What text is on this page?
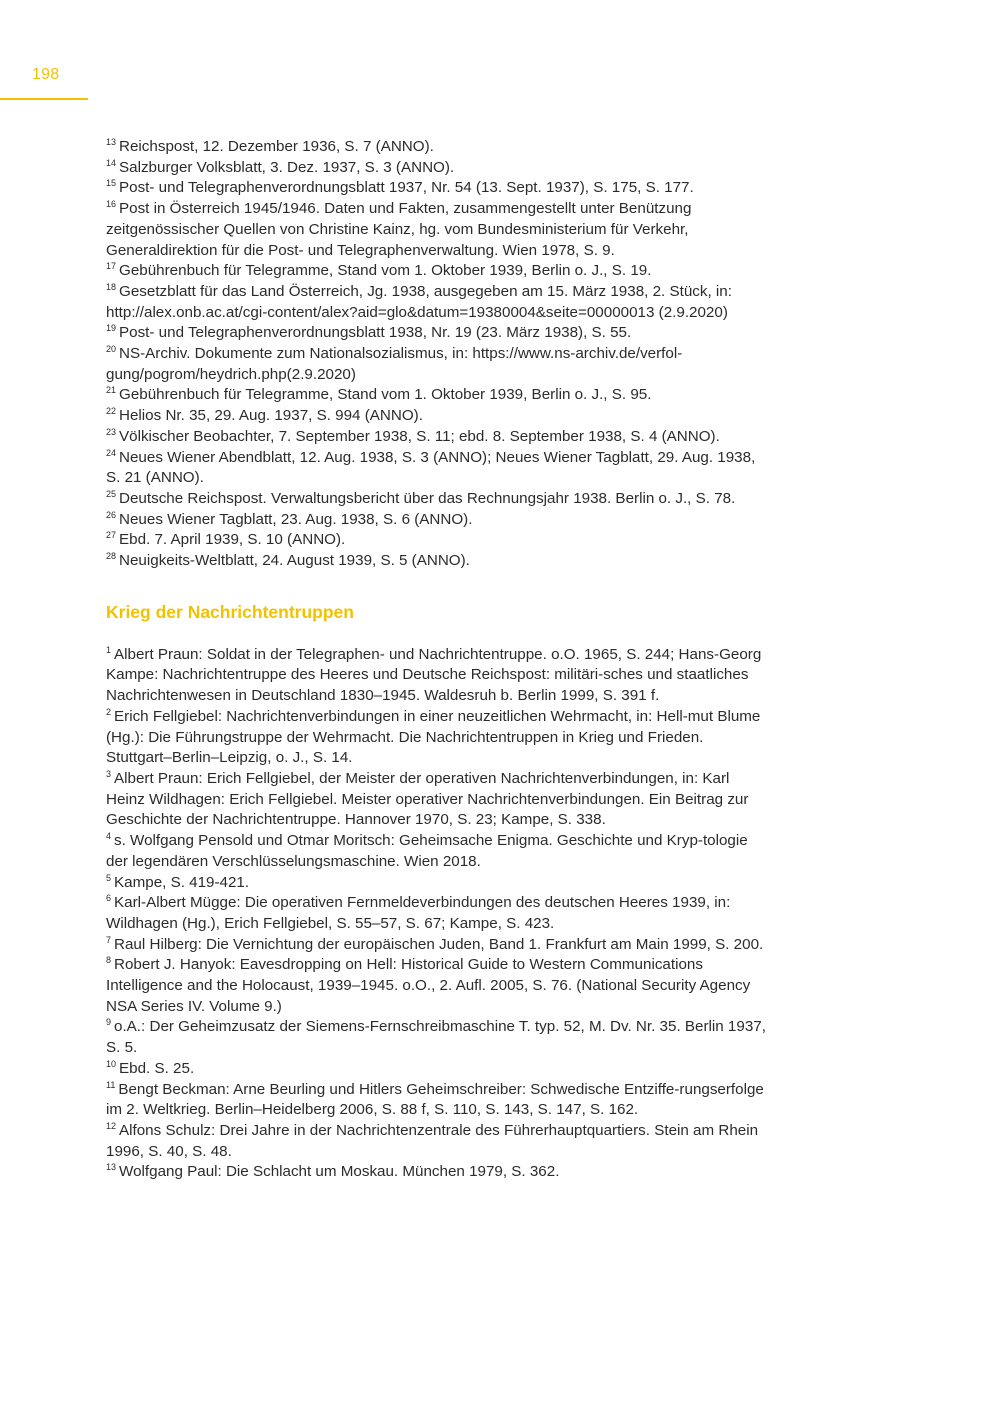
198

$^{13}$ Reichspost, 12. Dezember 1936, S. 7 (ANNO).

$^{14}$ Salzburger Volksblatt, 3. Dez. 1937, S. 3 (ANNO).

$^{15}$ Post- und Telegraphenverordnungsblatt 1937, Nr. 54 (13. Sept. 1937), S. 175, S. 177.

$^{16}$ Post in Österreich 1945/1946. Daten und Fakten, zusammengestellt unter Benützung zeitgenössischer Quellen von Christine Kainz, hg. vom Bundesministerium für Verkehr, Generaldirektion für die Post- und Telegraphenverwaltung. Wien 1978, S. 9.

$^{17}$ Gebührenbuch für Telegramme, Stand vom 1. Oktober 1939, Berlin o. J., S. 19.

$^{18}$ Gesetzblatt für das Land Österreich, Jg. 1938, ausgegeben am 15. März 1938, 2. Stück, in: http://alex.onb.ac.at/cgi-content/alex?aid=glo&datum=19380004&seite=00000013 (2.9.2020)

$^{19}$ Post- und Telegraphenverordnungsblatt 1938, Nr. 19 (23. März 1938), S. 55.

$^{20}$ NS-Archiv. Dokumente zum Nationalsozialismus, in: https://www.ns-archiv.de/verfol-gung/pogrom/heydrich.php(2.9.2020)

$^{21}$ Gebührenbuch für Telegramme, Stand vom 1. Oktober 1939, Berlin o. J., S. 95.

$^{22}$ Helios Nr. 35, 29. Aug. 1937, S. 994 (ANNO).

$^{23}$ Völkischer Beobachter, 7. September 1938, S. 11; ebd. 8. September 1938, S. 4 (ANNO).

$^{24}$ Neues Wiener Abendblatt, 12. Aug. 1938, S. 3 (ANNO); Neues Wiener Tagblatt, 29. Aug. 1938, S. 21 (ANNO).

$^{25}$ Deutsche Reichspost. Verwaltungsbericht über das Rechnungsjahr 1938. Berlin o. J., S. 78.

$^{26}$ Neues Wiener Tagblatt, 23. Aug. 1938, S. 6 (ANNO).

$^{27}$ Ebd. 7. April 1939, S. 10 (ANNO).

$^{28}$ Neuigkeits-Weltblatt, 24. August 1939, S. 5 (ANNO).

Krieg der Nachrichtentruppen

$^1$ Albert Praun: Soldat in der Telegraphen- und Nachrichtentruppe. o.O. 1965, S. 244; Hans-Georg Kampe: Nachrichtentruppe des Heeres und Deutsche Reichspost: militäri-sches und staatliches Nachrichtenwesen in Deutschland 1830–1945. Waldesruh b. Berlin 1999, S. 391 f.

$^2$ Erich Fellgiebel: Nachrichtenverbindungen in einer neuzeitlichen Wehrmacht, in: Hell-mut Blume (Hg.): Die Führungstruppe der Wehrmacht. Die Nachrichtentruppen in Krieg und Frieden. Stuttgart–Berlin–Leipzig, o. J., S. 14.

$^3$ Albert Praun: Erich Fellgiebel, der Meister der operativen Nachrichtenverbindungen, in: Karl Heinz Wildhagen: Erich Fellgiebel. Meister operativer Nachrichtenverbindungen. Ein Beitrag zur Geschichte der Nachrichtentruppe. Hannover 1970, S. 23; Kampe, S. 338.

$^4$ s. Wolfgang Pensold und Otmar Moritsch: Geheimsache Enigma. Geschichte und Kryp-tologie der legendären Verschlüsselungsmaschine. Wien 2018.

$^5$ Kampe, S. 419-421.

$^6$ Karl-Albert Mügge: Die operativen Fernmeldeverbindungen des deutschen Heeres 1939, in: Wildhagen (Hg.), Erich Fellgiebel, S. 55–57, S. 67; Kampe, S. 423.

$^7$ Raul Hilberg: Die Vernichtung der europäischen Juden, Band 1. Frankfurt am Main 1999, S. 200.

$^8$ Robert J. Hanyok: Eavesdropping on Hell: Historical Guide to Western Communications Intelligence and the Holocaust, 1939–1945. o.O., 2. Aufl. 2005, S. 76. (National Security Agency NSA Series IV. Volume 9.)

$^9$ o.A.: Der Geheimzusatz der Siemens-Fernschreibmaschine T. typ. 52, M. Dv. Nr. 35. Berlin 1937, S. 5.

$^{10}$ Ebd. S. 25.

$^{11}$ Bengt Beckman: Arne Beurling und Hitlers Geheimschreiber: Schwedische Entziffe-rungserfolge im 2. Weltkrieg. Berlin–Heidelberg 2006, S. 88 f, S. 110, S. 143, S. 147, S. 162.

$^{12}$ Alfons Schulz: Drei Jahre in der Nachrichtenzentrale des Führerhauptquartiers. Stein am Rhein 1996, S. 40, S. 48.

$^{13}$ Wolfgang Paul: Die Schlacht um Moskau. München 1979, S. 362.
